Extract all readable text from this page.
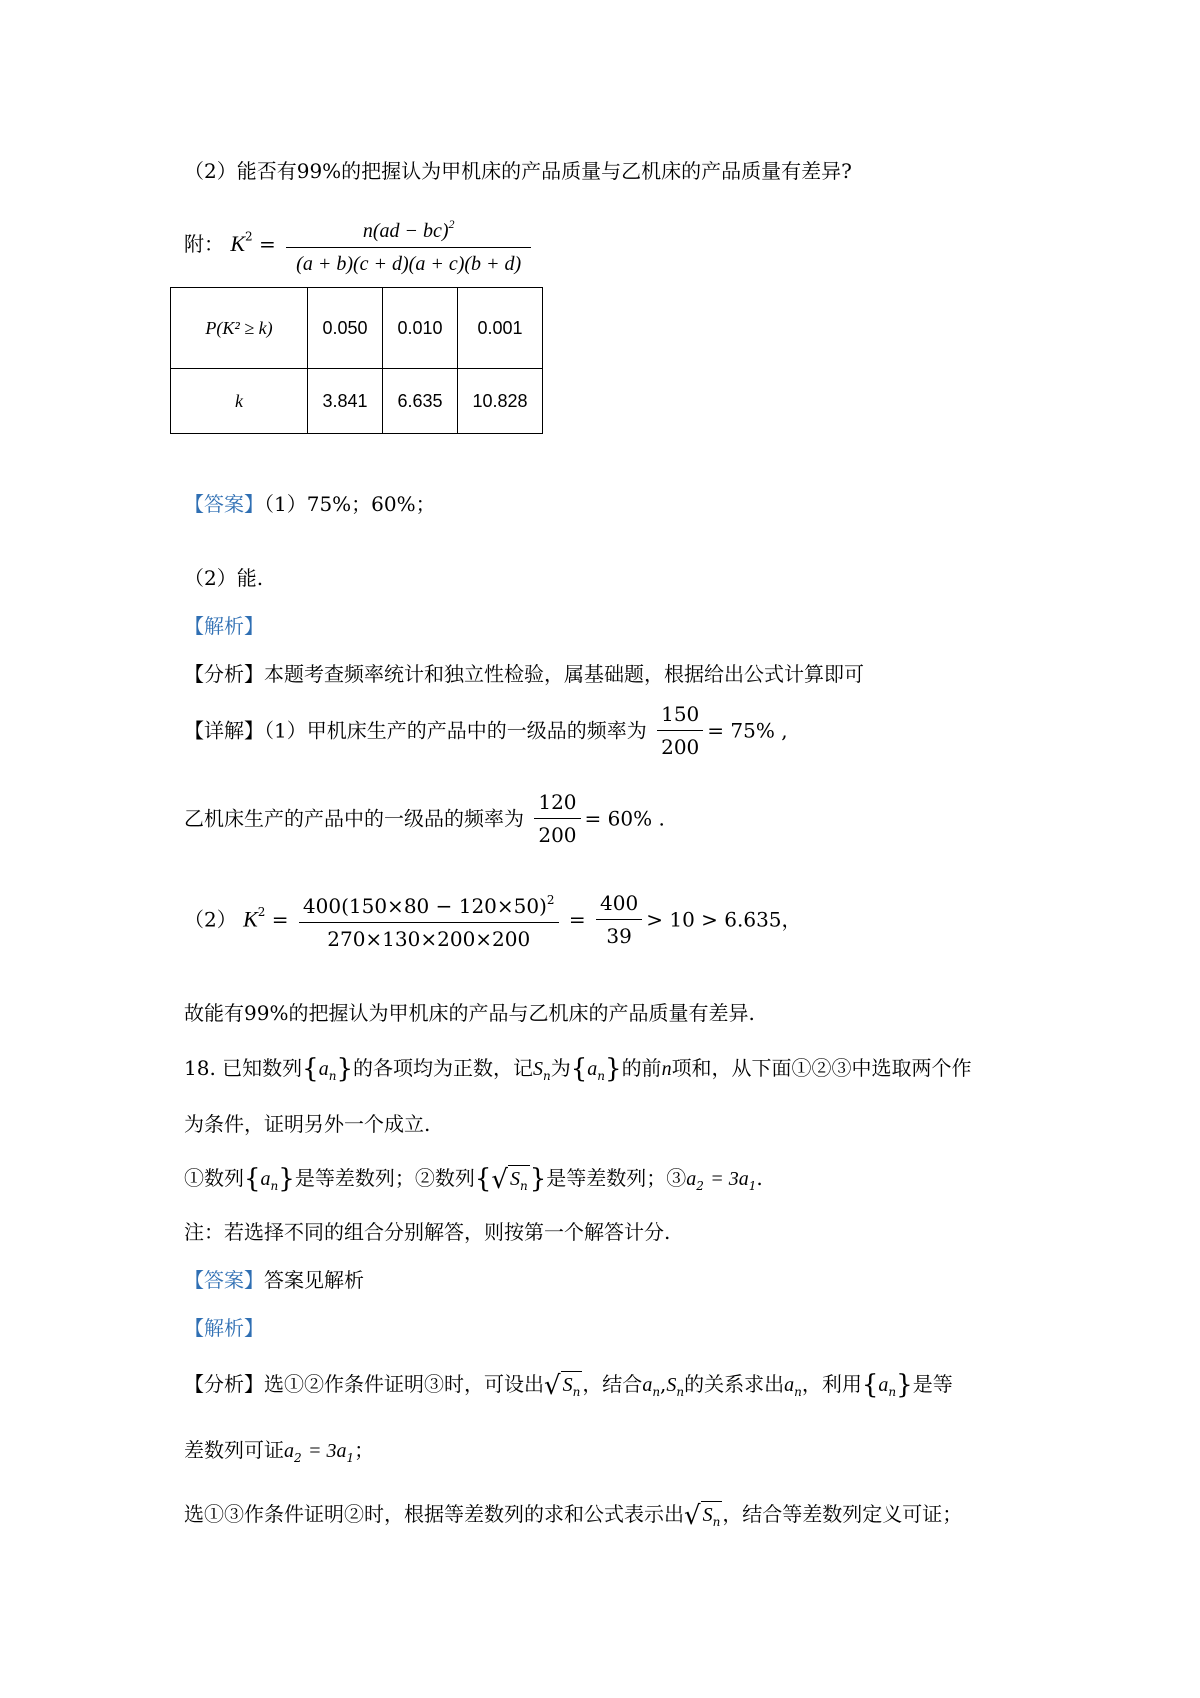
（2）能否有99%的把握认为甲机床的产品质量与乙机床的产品质量有差异?
附： $K^2 = \frac{n(ad - bc)^2}{(a + b)(c + d)(a + c)(b + d)}$
P(K² ≥ k)	0.050	0.010	0.001
k	3.841	6.635	10.828
【答案】（1）75%；60%；
（2）能.
【解析】
【分析】本题考查频率统计和独立性检验，属基础题，根据给出公式计算即可
【详解】（1）甲机床生产的产品中的一级品的频率为 $\frac{150}{200} = 75\%$ ,
乙机床生产的产品中的一级品的频率为 $\frac{120}{200} = 60\%$ .
（2） $K^2 = \frac{400(150\times 80 - 120\times 50)^2}{270\times 130\times 200\times 200} = \frac{400}{39} > 10 > 6.635$，
故能有99%的把握认为甲机床的产品与乙机床的产品质量有差异.
18. 已知数列$\{a_n\}$的各项均为正数，记$S_n$为$\{a_n\}$的前n项和，从下面①②③中选取两个作
为条件，证明另外一个成立.
①数列$\{a_n\}$是等差数列；②数列{√ $S_n$}是等差数列；$③a_2 = 3a_1$.
注：若选择不同的组合分别解答，则按第一个解答计分.
【答案】答案见解析
【解析】
【分析】选①②作条件证明③时，可设出√ $S_n$ ，结合$a_n,S_n$的关系求出$a_n$，利用$\{a_n\}$是等
差数列可证$a_2 = 3a_1$；
选①③作条件证明②时，根据等差数列的求和公式表示出√ $S_n$ ，结合等差数列定义可证；
